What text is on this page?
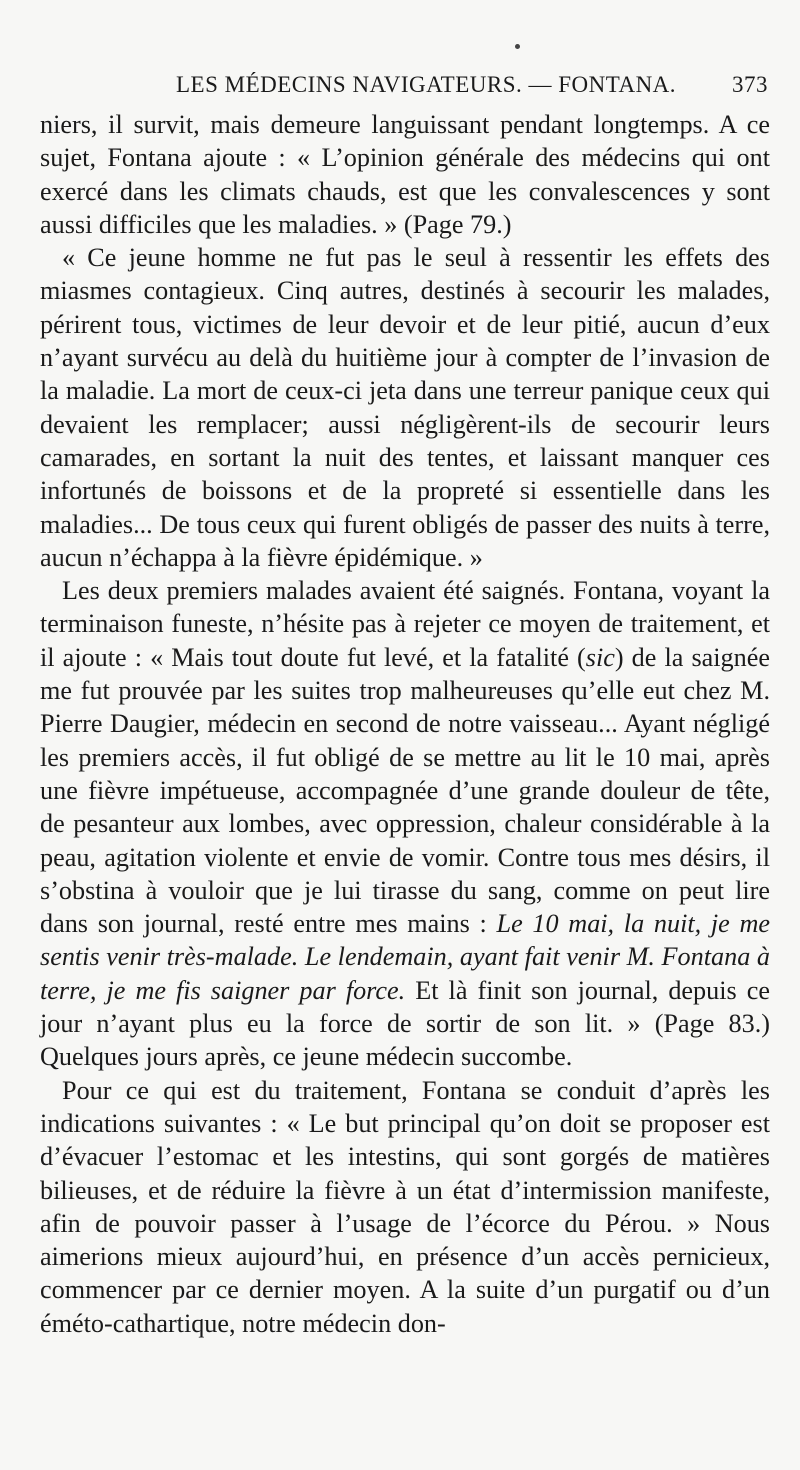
LES MÉDECINS NAVIGATEURS. — FONTANA. 373

niers, il survit, mais demeure languissant pendant longtemps. A ce sujet, Fontana ajoute : « L’opinion générale des médecins qui ont exercé dans les climats chauds, est que les convalescences y sont aussi difficiles que les maladies. » (Page 79.)

« Ce jeune homme ne fut pas le seul à ressentir les effets des miasmes contagieux. Cinq autres, destinés à secourir les malades, périrent tous, victimes de leur devoir et de leur pitié, aucun d’eux n’ayant survécu au delà du huitième jour à compter de l’invasion de la maladie. La mort de ceux-ci jeta dans une terreur panique ceux qui devaient les remplacer; aussi négligèrent-ils de secourir leurs camarades, en sortant la nuit des tentes, et laissant manquer ces infortunés de boissons et de la propreté si essentielle dans les maladies... De tous ceux qui furent obligés de passer des nuits à terre, aucun n’échappa à la fièvre épidémique. »

Les deux premiers malades avaient été saignés. Fontana, voyant la terminaison funeste, n’hésite pas à rejeter ce moyen de traitement, et il ajoute : « Mais tout doute fut levé, et la fatalité (sic) de la saignée me fut prouvée par les suites trop malheureuses qu’elle eut chez M. Pierre Daugier, médecin en second de notre vaisseau... Ayant négligé les premiers accès, il fut obligé de se mettre au lit le 10 mai, après une fièvre impétueuse, accompagnée d’une grande douleur de tête, de pesanteur aux lombes, avec oppression, chaleur considérable à la peau, agitation violente et envie de vomir. Contre tous mes désirs, il s’obstina à vouloir que je lui tirasse du sang, comme on peut lire dans son journal, resté entre mes mains : Le 10 mai, la nuit, je me sentis venir très-malade. Le lendemain, ayant fait venir M. Fontana à terre, je me fis saigner par force. Et là finit son journal, depuis ce jour n’ayant plus eu la force de sortir de son lit. » (Page 83.) Quelques jours après, ce jeune médecin succombe.

Pour ce qui est du traitement, Fontana se conduit d’après les indications suivantes : « Le but principal qu’on doit se proposer est d’évacuer l’estomac et les intestins, qui sont gorgés de matières bilieuses, et de réduire la fièvre à un état d’intermission manifeste, afin de pouvoir passer à l’usage de l’écorce du Pérou. » Nous aimerions mieux aujourd’hui, en présence d’un accès pernicieux, commencer par ce dernier moyen. A la suite d’un purgatif ou d’un éméto-cathartique, notre médecin don-
